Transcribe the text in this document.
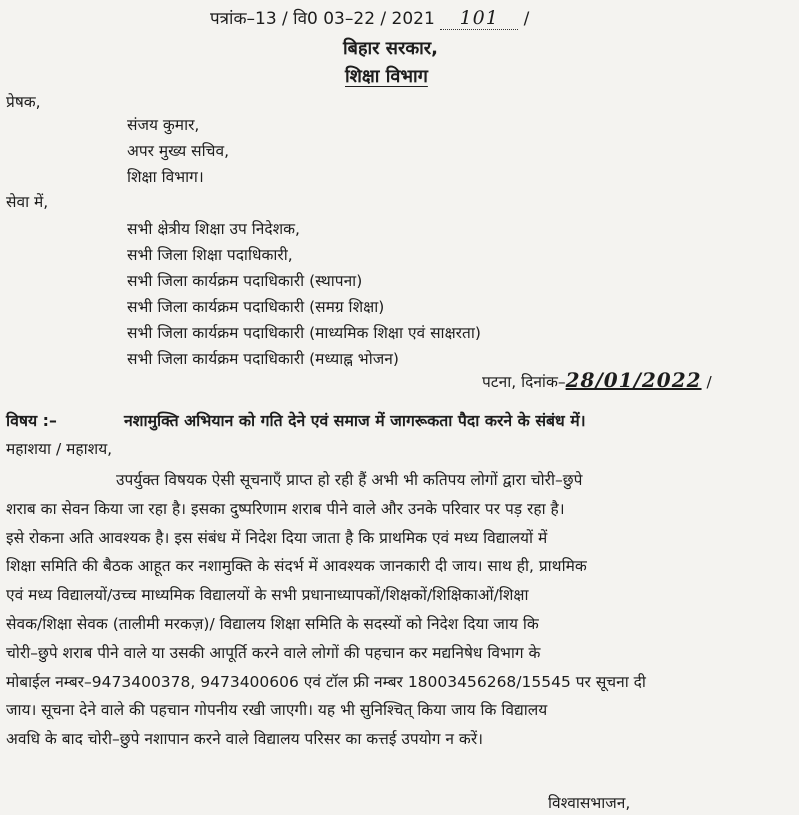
पत्रांक–13 / वि0 03–22 / 2021 101 /
बिहार सरकार,
शिक्षा विभाग
प्रेषक,
संजय कुमार,
अपर मुख्य सचिव,
शिक्षा विभाग।
सेवा में,
सभी क्षेत्रीय शिक्षा उप निदेशक,
सभी जिला शिक्षा पदाधिकारी,
सभी जिला कार्यक्रम पदाधिकारी (स्थापना)
सभी जिला कार्यक्रम पदाधिकारी (समग्र शिक्षा)
सभी जिला कार्यक्रम पदाधिकारी (माध्यमिक शिक्षा एवं साक्षरता)
सभी जिला कार्यक्रम पदाधिकारी (मध्याह्न भोजन)
पटना, दिनांक–28/01/2022 /
विषय :–	नशामुक्ति अभियान को गति देने एवं समाज में जागरूकता पैदा करने के संबंध में।
महाशया / महाशय,
उपर्युक्त विषयक ऐसी सूचनाएँ प्राप्त हो रही हैं अभी भी कतिपय लोगों द्वारा चोरी–छुपे
शराब का सेवन किया जा रहा है। इसका दुष्परिणाम शराब पीने वाले और उनके परिवार पर पड़ रहा है।
इसे रोकना अति आवश्यक है। इस संबंध में निदेश दिया जाता है कि प्राथमिक एवं मध्य विद्यालयों में
शिक्षा समिति की बैठक आहूत कर नशामुक्ति के संदर्भ में आवश्यक जानकारी दी जाय। साथ ही, प्राथमिक
एवं मध्य विद्यालयों/उच्च माध्यमिक विद्यालयों के सभी प्रधानाध्यापकों/शिक्षकों/शिक्षिकाओं/शिक्षा
सेवक/शिक्षा सेवक (तालीमी मरकज़)/ विद्यालय शिक्षा समिति के सदस्यों को निदेश दिया जाय कि
चोरी–छुपे शराब पीने वाले या उसकी आपूर्ति करने वाले लोगों की पहचान कर मद्यनिषेध विभाग के
मोबाईल नम्बर–9473400378, 9473400606 एवं टॉल फ्री नम्बर 18003456268/15545 पर सूचना दी
जाय। सूचना देने वाले की पहचान गोपनीय रखी जाएगी। यह भी सुनिश्चित् किया जाय कि विद्यालय
अवधि के बाद चोरी–छुपे नशापान करने वाले विद्यालय परिसर का कत्तई उपयोग न करें।
विश्वासभाजन,
